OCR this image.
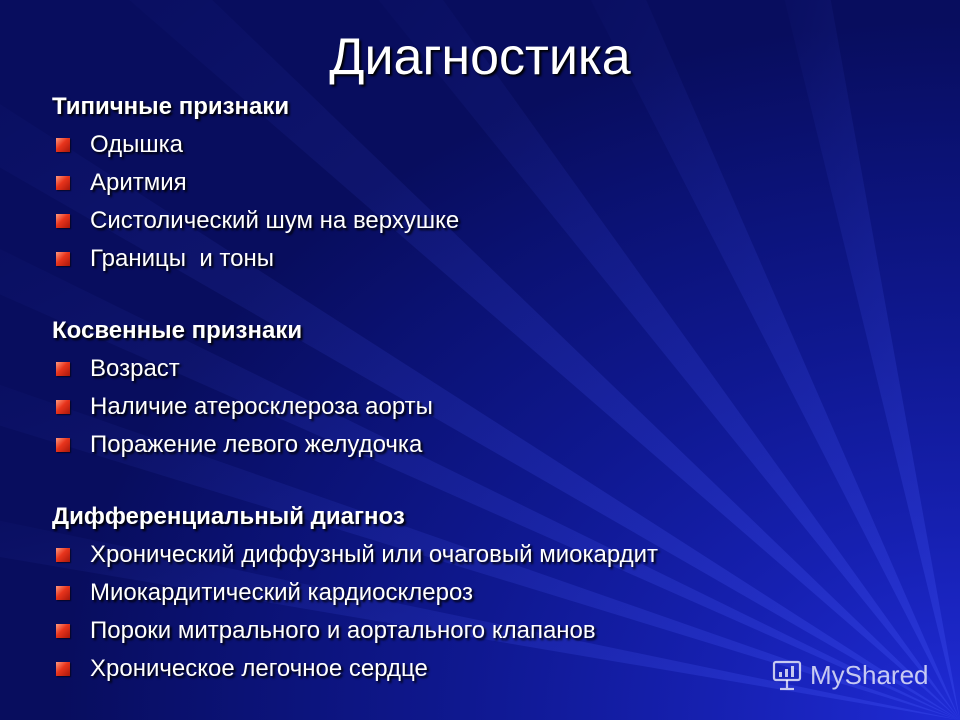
Диагностика
Типичные признаки
Одышка
Аритмия
Систолический шум на верхушке
Границы  и тоны
Косвенные признаки
Возраст
Наличие атеросклероза аорты
Поражение левого желудочка
Дифференциальный диагноз
Хронический диффузный или очаговый миокардит
Миокардитический кардиосклероз
Пороки митрального и аортального клапанов
Хроническое легочное сердце	MyShared
